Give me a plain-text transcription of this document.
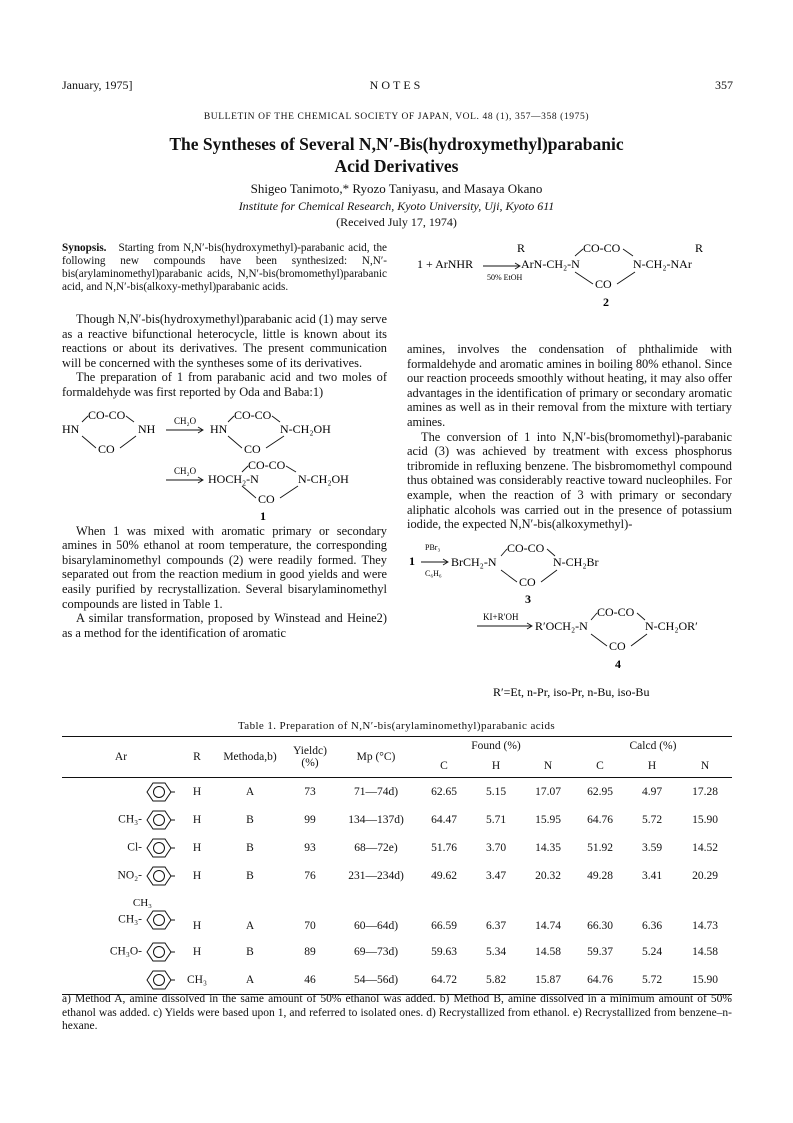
January, 1975]	NOTES	357
BULLETIN OF THE CHEMICAL SOCIETY OF JAPAN, VOL. 48 (1), 357—358 (1975)
The Syntheses of Several N,N′-Bis(hydroxymethyl)parabanic
Acid Derivatives
Shigeo Tanimoto,* Ryozo Taniyasu, and Masaya Okano
Institute for Chemical Research, Kyoto University, Uji, Kyoto 611
(Received July 17, 1974)
Synopsis. Starting from N,N′-bis(hydroxymethyl)-parabanic acid, the following new compounds have been synthesized: N,N′-bis(arylaminomethyl)parabanic acids, N,N′-bis(bromomethyl)parabanic acid, and N,N′-bis(alkoxy-methyl)parabanic acids.

Though N,N′-bis(hydroxymethyl)parabanic acid (1) may serve as a reactive bifunctional heterocycle, little is known about its reactions or about its derivatives. The present communication will be concerned with the syntheses some of its derivatives.

The preparation of 1 from parabanic acid and two moles of formaldehyde was first reported by Oda and Baba:1)

CO-CO
HN	NH
CO
CH₂O	CO-CO
HN	N-CH₂OH
CO
CH₂O	CO-CO
HOCH₂-N	N-CH₂OH
CO
1

When 1 was mixed with aromatic primary or secondary amines in 50% ethanol at room temperature, the corresponding bisarylaminomethyl compounds (2) were readily formed. They separated out from the reaction medium in good yields and were easily purified by recrystallization. Several bisarylaminomethyl compounds are listed in Table 1.

A similar transformation, proposed by Winstead and Heine2) as a method for the identification of aromatic

R	R
CO-CO
1 + ArNHR
50% EtOH
ArN-CH₂-N	N-CH₂-NAr
CO
2

amines, involves the condensation of phthalimide with formaldehyde and aromatic amines in boiling 80% ethanol. Since our reaction proceeds smoothly without heating, it may also offer advantages in the identification of primary or secondary aromatic amines as well as in their removal from the mixture with tertiary amines.

The conversion of 1 into N,N′-bis(bromomethyl)-parabanic acid (3) was achieved by treatment with excess phosphorus tribromide in refluxing benzene. The bisbromomethyl compound thus obtained was considerably reactive toward nucleophiles. For example, when the reaction of 3 with primary or secondary aliphatic alcohols was carried out in the presence of potassium iodide, the expected N,N′-bis(alkoxymethyl)-

PBr₃
1
C₆H₆
CO-CO
BrCH₂-N	N-CH₂Br
CO
3
KI+R′OH	CO-CO
R′OCH₂-N	N-CH₂OR′
CO
4
R′=Et, n-Pr, iso-Pr, n-Bu, iso-Bu
Table 1. Preparation of N,N′-bis(arylaminomethyl)parabanic acids
Ar	R	Methoda,b)	Yieldc)
(%)	Mp (°C)	Found (%)			Calcd (%)		
					C	H	N	C	H	N
	H	A	73	71—74d)	62.65	5.15	17.07	62.95	4.97	17.28
CH₃-	H	B	99	134—137d)	64.47	5.71	15.95	64.76	5.72	15.90
Cl-	H	B	93	68—72e)	51.76	3.70	14.35	51.92	3.59	14.52
NO₂-	H	B	76	231—234d)	49.62	3.47	20.32	49.28	3.41	20.29

CH₃
CH₃-	H	A	70	60—64d)	66.59	6.37	14.74	66.30	6.36	14.73
CH₃O-	H	B	89	69—73d)	59.63	5.34	14.58	59.37	5.24	14.58
	CH₃	A	46	54—56d)	64.72	5.82	15.87	64.76	5.72	15.90
a) Method A, amine dissolved in the same amount of 50% ethanol was added. b) Method B, amine dissolved in a minimum amount of 50% ethanol was added. c) Yields were based upon 1, and referred to isolated ones. d) Recrystallized from ethanol. e) Recrystallized from benzene–n-hexane.
